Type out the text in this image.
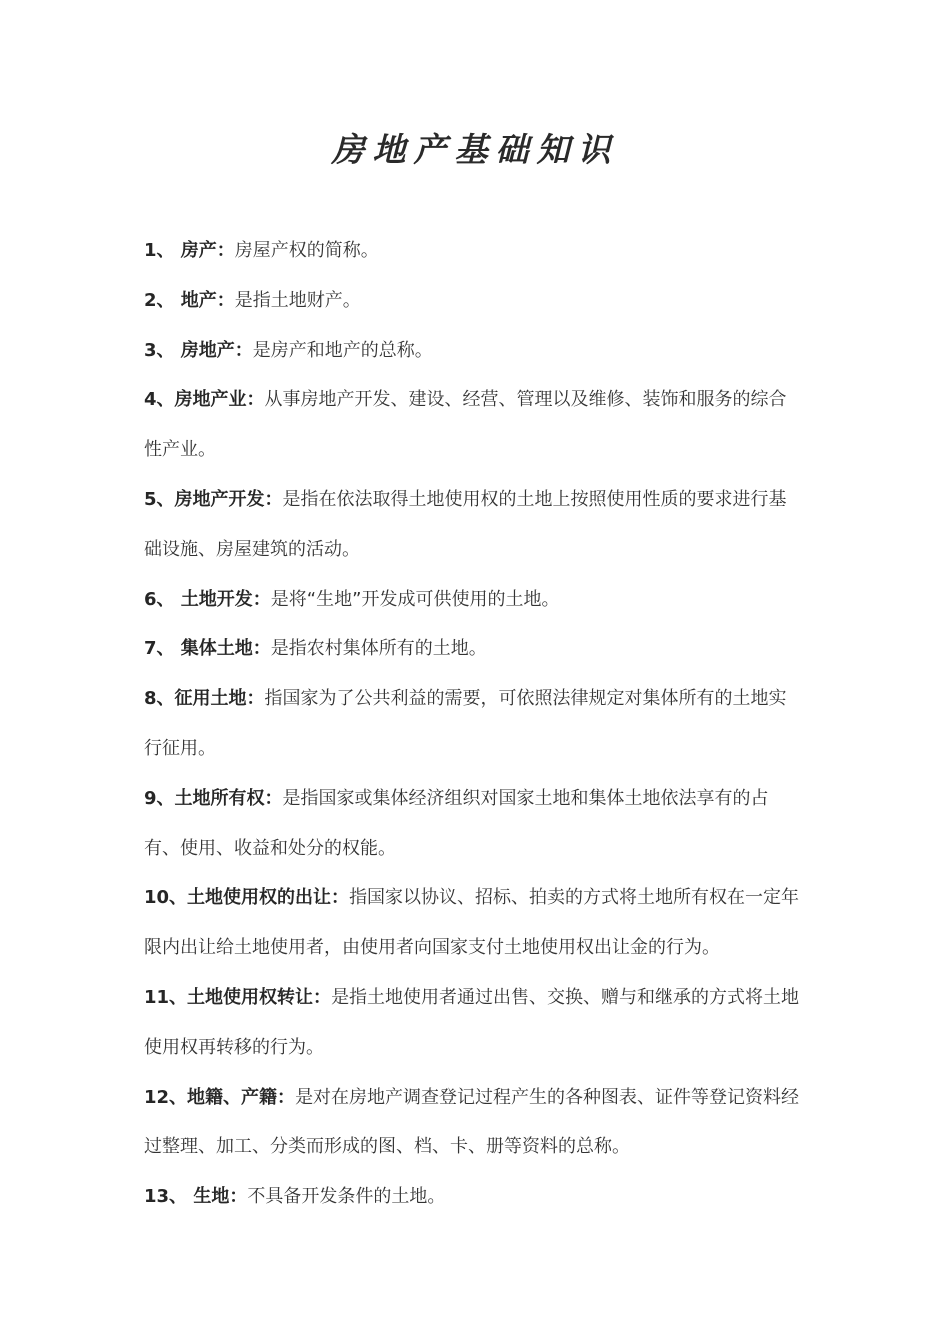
房地产基础知识

1、 房产：房屋产权的简称。

2、 地产：是指土地财产。

3、 房地产：是房产和地产的总称。

4、房地产业：从事房地产开发、建设、经营、管理以及维修、装饰和服务的综合性产业。

5、房地产开发：是指在依法取得土地使用权的土地上按照使用性质的要求进行基础设施、房屋建筑的活动。

6、 土地开发：是将“生地”开发成可供使用的土地。

7、 集体土地：是指农村集体所有的土地。

8、征用土地：指国家为了公共利益的需要，可依照法律规定对集体所有的土地实行征用。

9、土地所有权：是指国家或集体经济组织对国家土地和集体土地依法享有的占有、使用、收益和处分的权能。

10、土地使用权的出让：指国家以协议、招标、拍卖的方式将土地所有权在一定年限内出让给土地使用者，由使用者向国家支付土地使用权出让金的行为。

11、土地使用权转让：是指土地使用者通过出售、交换、赠与和继承的方式将土地使用权再转移的行为。

12、地籍、产籍：是对在房地产调查登记过程产生的各种图表、证件等登记资料经过整理、加工、分类而形成的图、档、卡、册等资料的总称。

13、 生地：不具备开发条件的土地。
